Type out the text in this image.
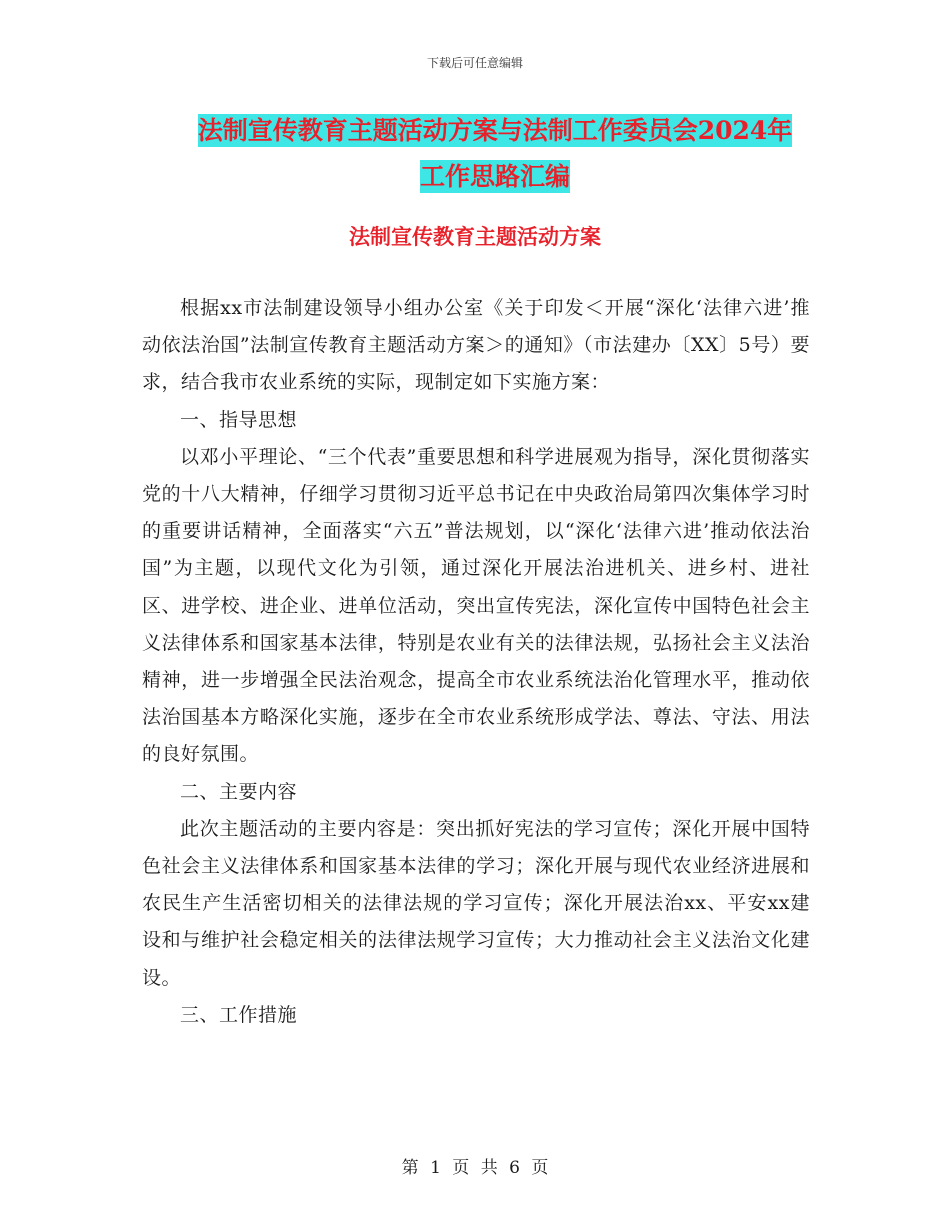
下载后可任意编辑
法制宣传教育主题活动方案与法制工作委员会2024年
工作思路汇编
法制宣传教育主题活动方案

根据xx市法制建设领导小组办公室《关于印发＜开展“深化‘法律六进’推动依法治国”法制宣传教育主题活动方案＞的通知》（市法建办〔XX〕5号）要求，结合我市农业系统的实际，现制定如下实施方案：

一、指导思想

以邓小平理论、“三个代表”重要思想和科学进展观为指导，深化贯彻落实党的十八大精神，仔细学习贯彻习近平总书记在中央政治局第四次集体学习时的重要讲话精神，全面落实“六五”普法规划，以“深化‘法律六进’推动依法治国”为主题，以现代文化为引领，通过深化开展法治进机关、进乡村、进社区、进学校、进企业、进单位活动，突出宣传宪法，深化宣传中国特色社会主义法律体系和国家基本法律，特别是农业有关的法律法规，弘扬社会主义法治精神，进一步增强全民法治观念，提高全市农业系统法治化管理水平，推动依法治国基本方略深化实施，逐步在全市农业系统形成学法、尊法、守法、用法的良好氛围。

二、主要内容

此次主题活动的主要内容是：突出抓好宪法的学习宣传；深化开展中国特色社会主义法律体系和国家基本法律的学习；深化开展与现代农业经济进展和农民生产生活密切相关的法律法规的学习宣传；深化开展法治xx、平安xx建设和与维护社会稳定相关的法律法规学习宣传；大力推动社会主义法治文化建设。

三、工作措施

第 1 页 共 6 页
